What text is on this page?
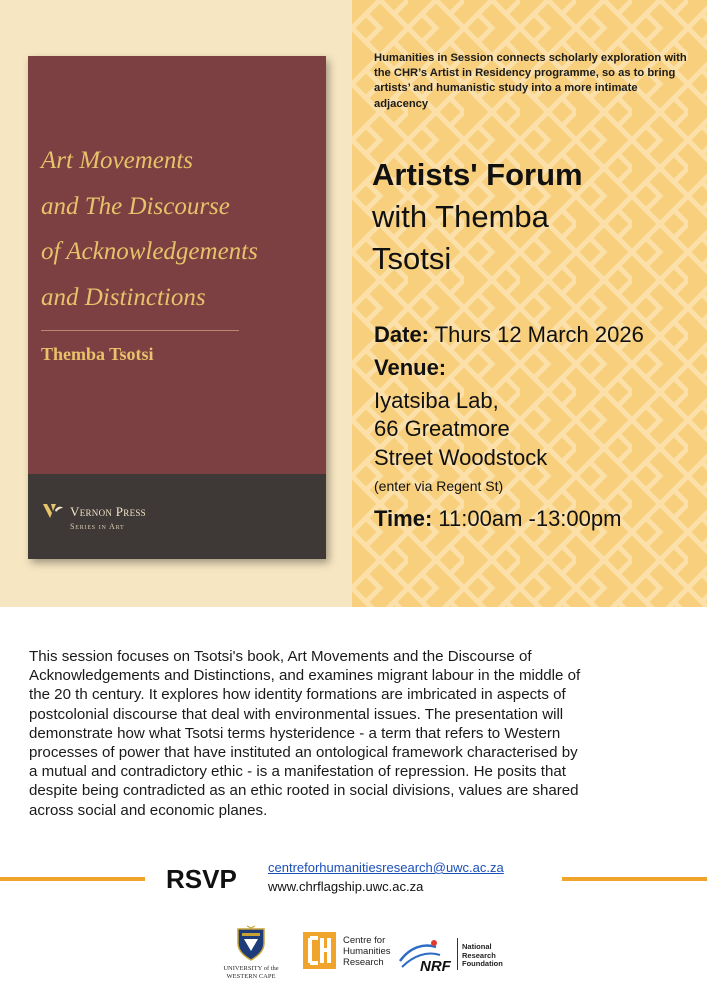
Art Movements
and The Discourse
of Acknowledgements
and Distinctions
Themba Tsotsi
Vernon Press
Series in Art
Humanities in Session connects scholarly exploration with the CHR’s Artist in Residency programme, so as to bring artists’ and humanistic study into a more intimate adjacency
Artists' Forum
with Themba
Tsotsi
Date: Thurs 12 March 2026
Venue:
Iyatsiba Lab,
66 Greatmore
Street Woodstock
(enter via Regent St)
Time: 11:00am -13:00pm
This session focuses on Tsotsi's book, Art Movements and the Discourse of
Acknowledgements and Distinctions, and examines migrant labour in the middle of
the 20 th century. It explores how identity formations are imbricated in aspects of
postcolonial discourse that deal with environmental issues. The presentation will
demonstrate how what Tsotsi terms hysteridence - a term that refers to Western
processes of power that have instituted an ontological framework characterised by
a mutual and contradictory ethic - is a manifestation of repression. He posits that
despite being contradicted as an ethic rooted in social divisions, values are shared
across social and economic planes.
RSVP centreforhumanitiesresearch@uwc.ac.za
www.chrflagship.uwc.ac.za
UNIVERSITY of the
WESTERN CAPE
Centre for
Humanities
Research	NRF
National
Research
Foundation
